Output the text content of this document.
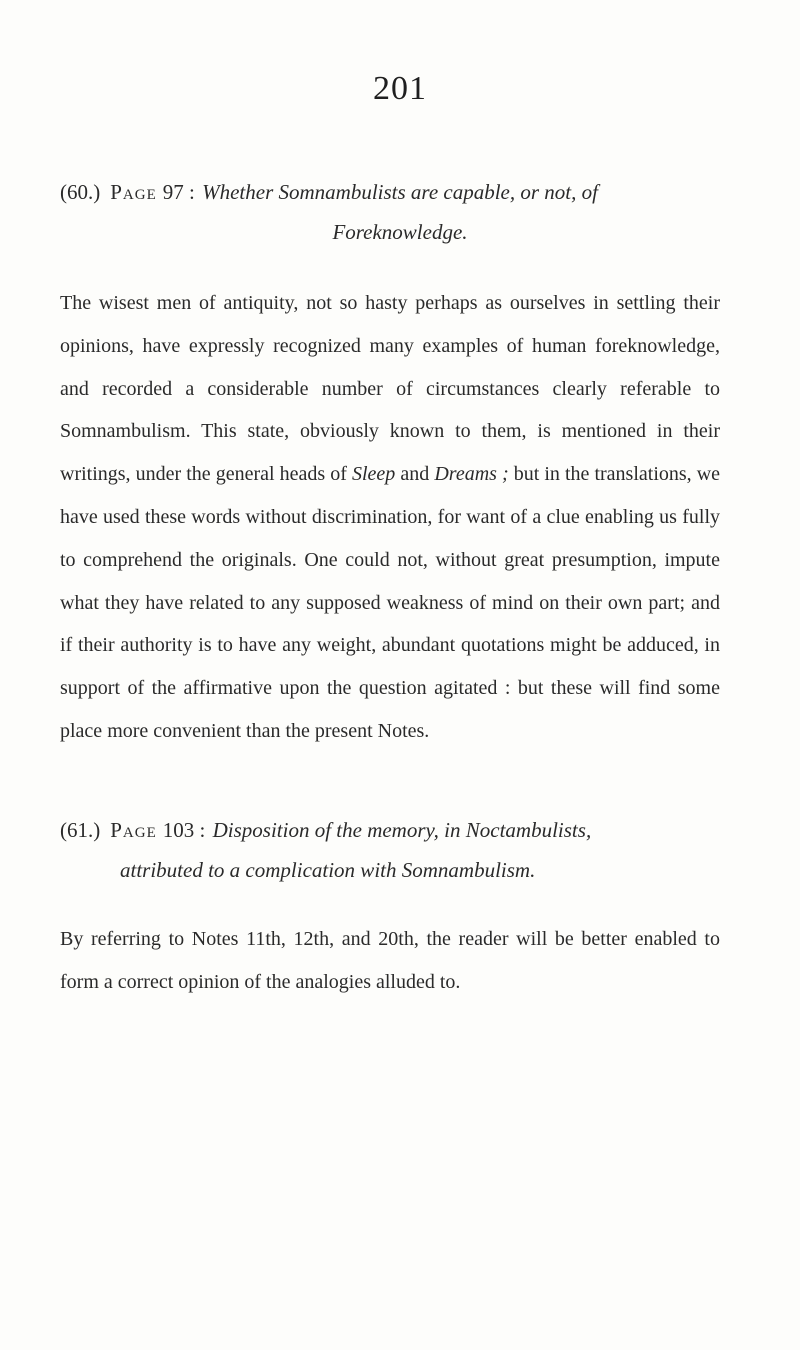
201
(60.) Page 97 : Whether Somnambulists are capable, or not, of
Foreknowledge.

The wisest men of antiquity, not so hasty perhaps as ourselves in settling their opinions, have expressly recognized many examples of human foreknowledge, and recorded a considerable number of circumstances clearly referable to Somnambulism. This state, obviously known to them, is mentioned in their writings, under the general heads of Sleep and Dreams ; but in the translations, we have used these words without discrimination, for want of a clue enabling us fully to comprehend the originals. One could not, without great presumption, impute what they have related to any supposed weakness of mind on their own part; and if their authority is to have any weight, abundant quotations might be adduced, in support of the affirmative upon the question agitated : but these will find some place more convenient than the present Notes.

(61.) Page 103 : Disposition of the memory, in Noctambulists,
attributed to a complication with Somnambulism.

By referring to Notes 11th, 12th, and 20th, the reader will be better enabled to form a correct opinion of the analogies alluded to.
